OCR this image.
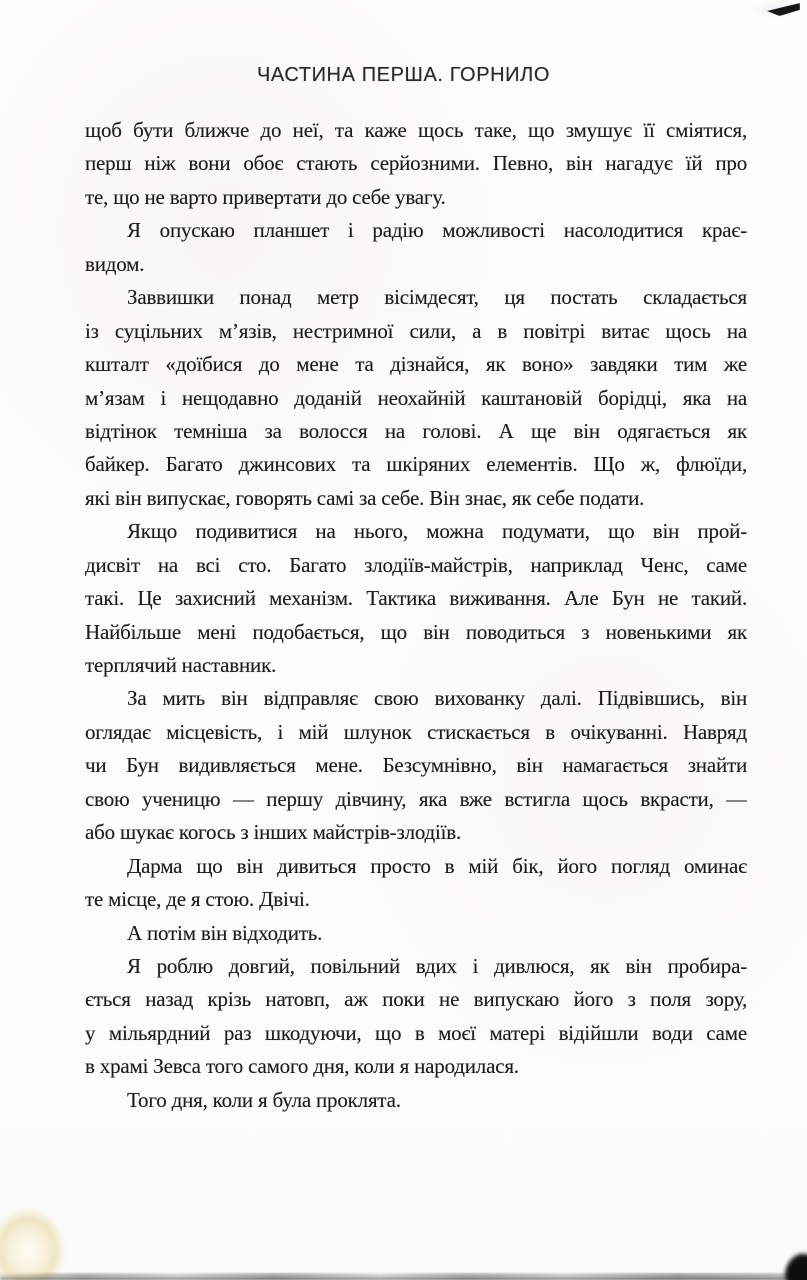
ЧАСТИНА ПЕРША. ГОРНИЛО
щоб бути ближче до неї, та каже щось таке, що змушує її сміятися,
перш ніж вони обоє стають серйозними. Певно, він нагадує їй про
те, що не варто привертати до себе увагу.
Я опускаю планшет і радію можливості насолодитися крає-
видом.
Заввишки понад метр вісімдесят, ця постать складається
із суцільних м’язів, нестримної сили, а в повітрі витає щось на
кшталт «доїбися до мене та дізнайся, як воно» завдяки тим же
м’язам і нещодавно доданій неохайній каштановій борідці, яка на
відтінок темніша за волосся на голові. А ще він одягається як
байкер. Багато джинсових та шкіряних елементів. Що ж, флюїди,
які він випускає, говорять самі за себе. Він знає, як себе подати.
Якщо подивитися на нього, можна подумати, що він прой-
дисвіт на всі сто. Багато злодіїв-майстрів, наприклад Ченс, саме
такі. Це захисний механізм. Тактика виживання. Але Бун не такий.
Найбільше мені подобається, що він поводиться з новенькими як
терплячий наставник.
За мить він відправляє свою вихованку далі. Підвівшись, він
оглядає місцевість, і мій шлунок стискається в очікуванні. Навряд
чи Бун видивляється мене. Безсумнівно, він намагається знайти
свою ученицю — першу дівчину, яка вже встигла щось вкрасти, —
або шукає когось з інших майстрів-злодіїв.
Дарма що він дивиться просто в мій бік, його погляд оминає
те місце, де я стою. Двічі.
А потім він відходить.
Я роблю довгий, повільний вдих і дивлюся, як він пробира-
ється назад крізь натовп, аж поки не випускаю його з поля зору,
у мільярдний раз шкодуючи, що в моєї матері відійшли води саме
в храмі Зевса того самого дня, коли я народилася.
Того дня, коли я була проклята.
